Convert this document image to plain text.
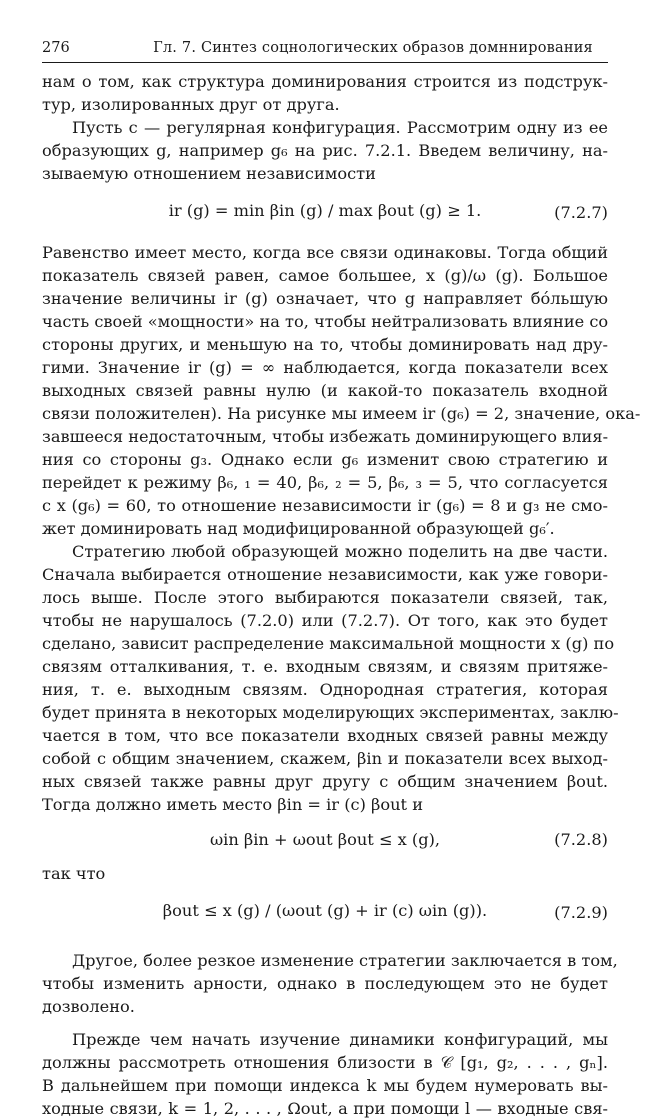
276	Гл. 7. Синтез соцнологических образов домннирования
нам о том, как структура доминирования строится из подструк-
тур, изолированных друг от друга.
Пусть c — регулярная конфигурация. Рассмотрим одну из ее
образующих g, например g₆ на рис. 7.2.1. Введем величину, на-
зываемую отношением независимости
ir (g) = min βin (g) / max βout (g) ≥ 1.	(7.2.7)
Равенство имеет место, когда все связи одинаковы. Тогда общий
показатель связей равен, самое большее, x (g)/ω (g). Большое
значение величины ir (g) означает, что g направляет бóльшую
часть своей «мощности» на то, чтобы нейтрализовать влияние со
стороны других, и меньшую на то, чтобы доминировать над дру-
гими. Значение ir (g) = ∞ наблюдается, когда показатели всех
выходных связей равны нулю (и какой-то показатель входной
связи положителен). На рисунке мы имеем ir (g₆) = 2, значение, ока-
завшееся недостаточным, чтобы избежать доминирующего влия-
ния со стороны g₃. Однако если g₆ изменит свою стратегию и
перейдет к режиму β₆, ₁ = 40, β₆, ₂ = 5, β₆, ₃ = 5, что согласуется
с x (g₆) = 60, то отношение независимости ir (g₆) = 8 и g₃ не смо-
жет доминировать над модифицированной образующей g₆′.
Стратегию любой образующей можно поделить на две части.
Сначала выбирается отношение независимости, как уже говори-
лось выше. После этого выбираются показатели связей, так,
чтобы не нарушалось (7.2.0) или (7.2.7). От того, как это будет
сделано, зависит распределение максимальной мощности x (g) по
связям отталкивания, т. е. входным связям, и связям притяже-
ния, т. е. выходным связям. Однородная стратегия, которая
будет принята в некоторых моделирующих экспериментах, заклю-
чается в том, что все показатели входных связей равны между
собой с общим значением, скажем, βin и показатели всех выход-
ных связей также равны друг другу с общим значением βout.
Тогда должно иметь место βin = ir (c) βout и
ωin βin + ωout βout ≤ x (g),	(7.2.8)
так что
βout ≤ x (g) / (ωout (g) + ir (c) ωin (g)).	(7.2.9)
Другое, более резкое изменение стратегии заключается в том,
чтобы изменить арности, однако в последующем это не будет
дозволено.
Прежде чем начать изучение динамики конфигураций, мы
должны рассмотреть отношения близости в 𝒞 [g₁, g₂, . . . , gₙ].
В дальнейшем при помощи индекса k мы будем нумеровать вы-
ходные связи, k = 1, 2, . . . , Ωout, а при помощи l — входные свя-
